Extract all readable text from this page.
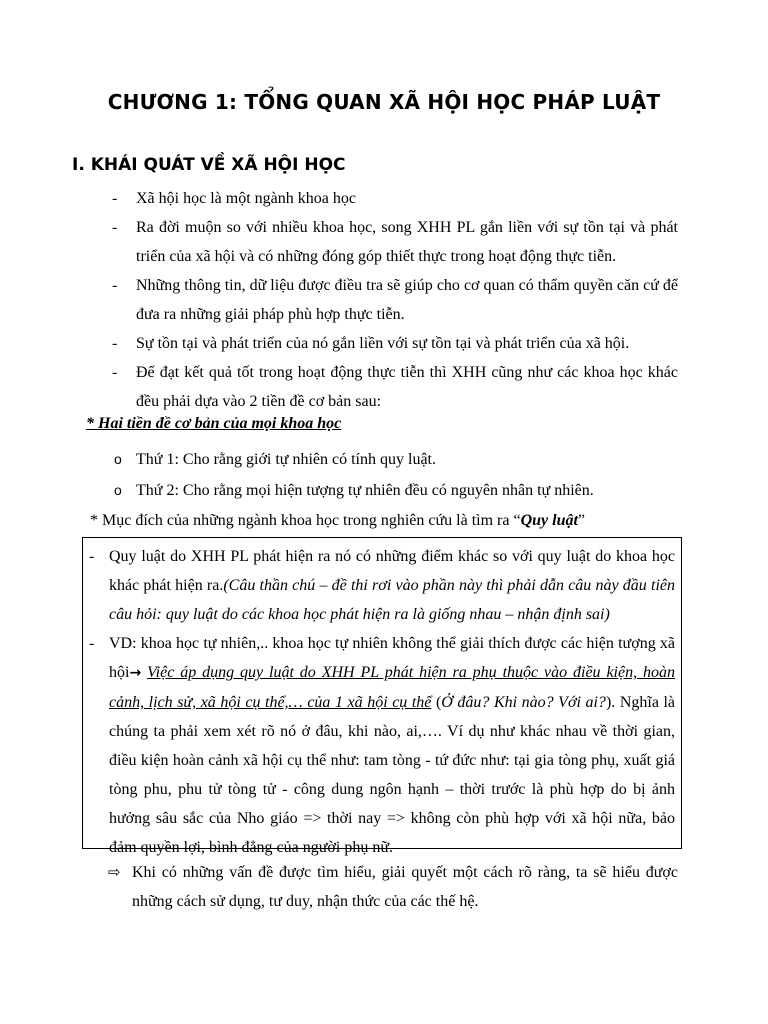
CHƯƠNG 1: TỔNG QUAN XÃ HỘI HỌC PHÁP LUẬT
I. KHÁI QUÁT VỀ XÃ HỘI HỌC
- Xã hội học là một ngành khoa học
- Ra đời muộn so với nhiều khoa học, song XHH PL gắn liền với sự tồn tại và phát triển của xã hội và có những đóng góp thiết thực trong hoạt động thực tiễn.
- Những thông tin, dữ liệu được điều tra sẽ giúp cho cơ quan có thẩm quyền căn cứ để đưa ra những giải pháp phù hợp thực tiễn.
- Sự tồn tại và phát triển của nó gắn liền với sự tồn tại và phát triển của xã hội.
- Để đạt kết quả tốt trong hoạt động thực tiễn thì XHH cũng như các khoa học khác đều phải dựa vào 2 tiền đề cơ bản sau:
* Hai tiền đề cơ bản của mọi khoa học
o Thứ 1: Cho rằng giới tự nhiên có tính quy luật.
o Thứ 2: Cho rằng mọi hiện tượng tự nhiên đều có nguyên nhân tự nhiên.
* Mục đích của những ngành khoa học trong nghiên cứu là tìm ra “Quy luật”
- Quy luật do XHH PL phát hiện ra nó có những điểm khác so với quy luật do khoa học khác phát hiện ra.(Câu thần chú – đề thi rơi vào phần này thì phải dẫn câu này đầu tiên câu hỏi: quy luật do các khoa học phát hiện ra là giống nhau – nhận định sai)
- VD: khoa học tự nhiên,.. khoa học tự nhiên không thể giải thích được các hiện tượng xã hội→ Việc áp dụng quy luật do XHH PL phát hiện ra phụ thuộc vào điều kiện, hoàn cảnh, lịch sử, xã hội cụ thể,… của 1 xã hội cụ thể (Ở đâu? Khi nào? Với ai?). Nghĩa là chúng ta phải xem xét rõ nó ở đâu, khi nào, ai,…. Ví dụ như khác nhau về thời gian, điều kiện hoàn cảnh xã hội cụ thể như: tam tòng - tứ đức như: tại gia tòng phụ, xuất giá tòng phu, phu tử tòng tử - công dung ngôn hạnh – thời trước là phù hợp do bị ảnh hưởng sâu sắc của Nho giáo => thời nay => không còn phù hợp với xã hội nữa, bảo đảm quyền lợi, bình đẳng của người phụ nữ.
⇨ Khi có những vấn đề được tìm hiểu, giải quyết một cách rõ ràng, ta sẽ hiểu được những cách sử dụng, tư duy, nhận thức của các thế hệ.
